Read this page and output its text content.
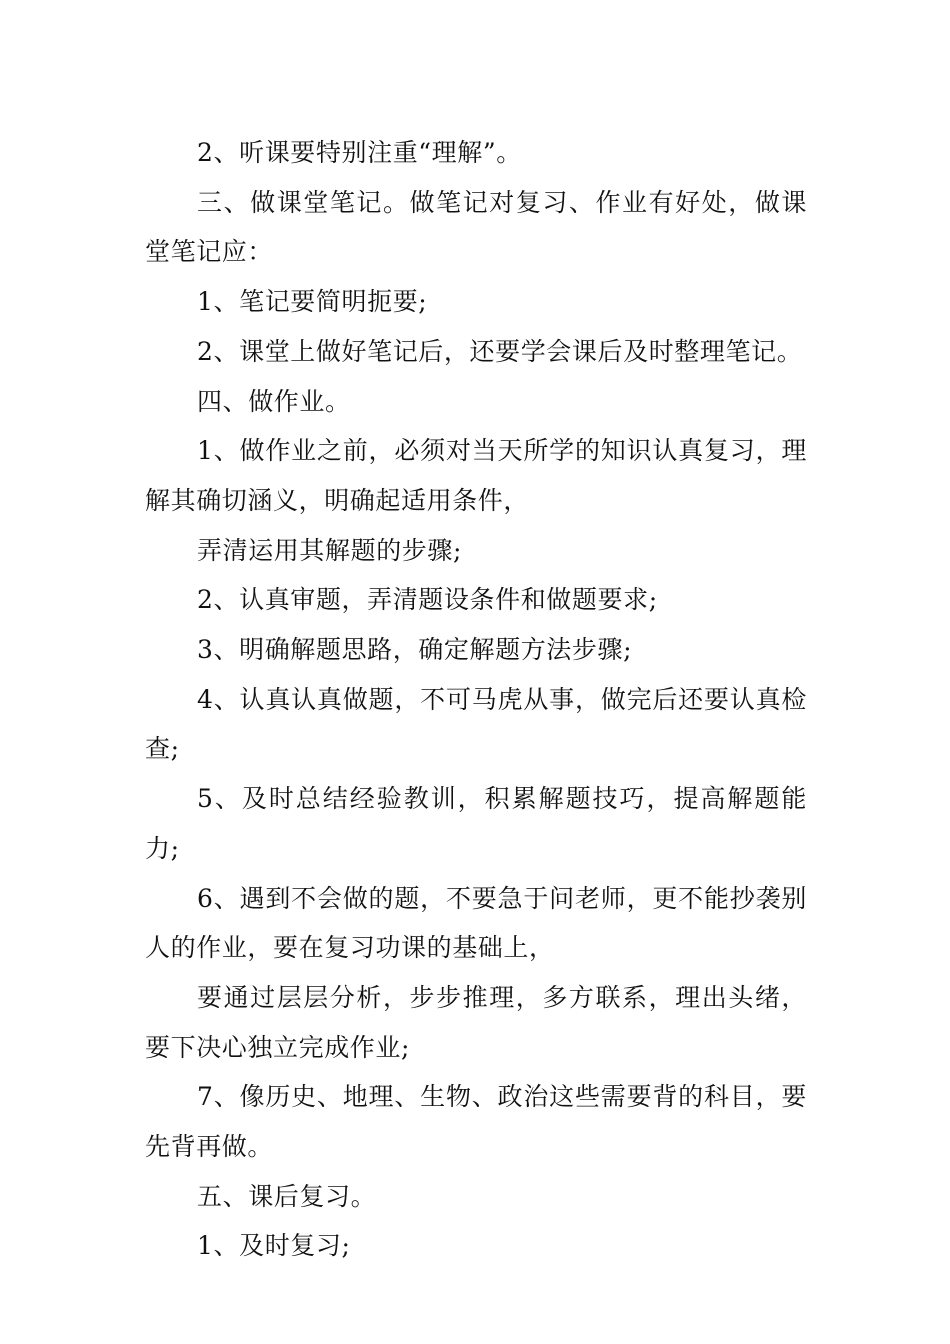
2、听课要特别注重“理解”。

三、做课堂笔记。做笔记对复习、作业有好处，做课堂笔记应：

1、笔记要简明扼要;

2、课堂上做好笔记后，还要学会课后及时整理笔记。

四、做作业。

1、做作业之前，必须对当天所学的知识认真复习，理解其确切涵义，明确起适用条件，

弄清运用其解题的步骤;

2、认真审题，弄清题设条件和做题要求;

3、明确解题思路，确定解题方法步骤;

4、认真认真做题，不可马虎从事，做完后还要认真检查;

5、及时总结经验教训，积累解题技巧，提高解题能力;

6、遇到不会做的题，不要急于问老师，更不能抄袭别人的作业，要在复习功课的基础上，

要通过层层分析，步步推理，多方联系，理出头绪，要下决心独立完成作业;

7、像历史、地理、生物、政治这些需要背的科目，要先背再做。

五、课后复习。

1、及时复习;
